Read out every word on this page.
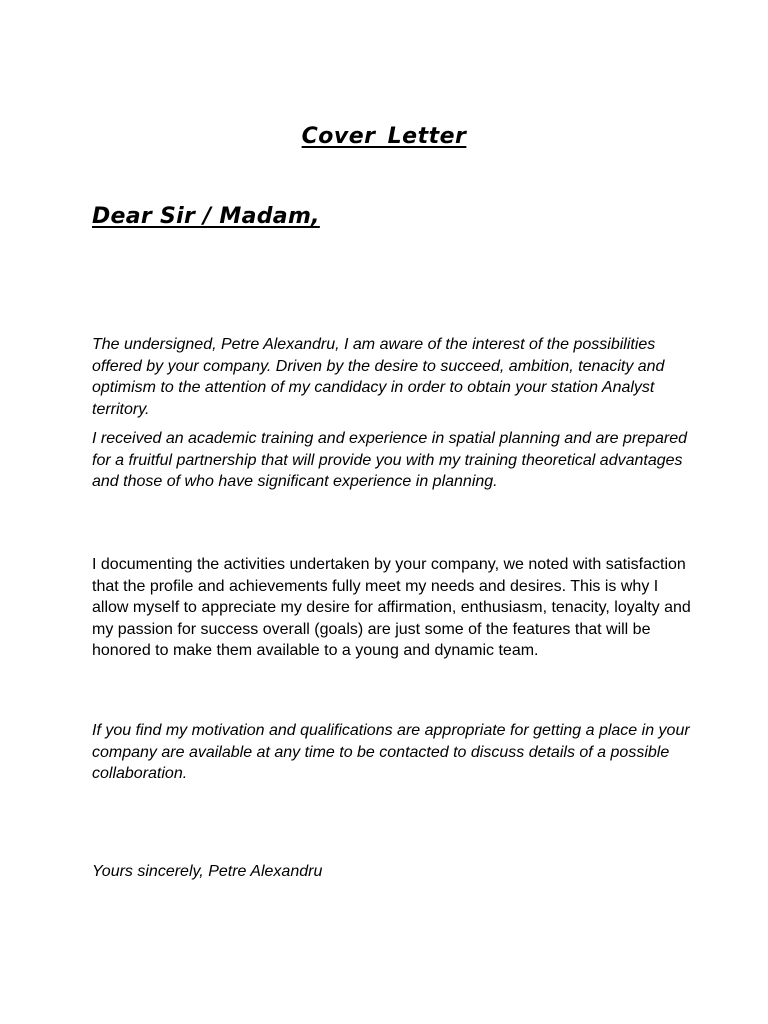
Cover Letter
Dear Sir / Madam,

The undersigned, Petre Alexandru, I am aware of the interest of the possibilities offered by your company. Driven by the desire to succeed, ambition, tenacity and optimism to the attention of my candidacy in order to obtain your station Analyst territory.

I received an academic training and experience in spatial planning and are prepared for a fruitful partnership that will provide you with my training theoretical advantages and those of who have significant experience in planning.

I documenting the activities undertaken by your company, we noted with satisfaction that the profile and achievements fully meet my needs and desires. This is why I allow myself to appreciate my desire for affirmation, enthusiasm, tenacity, loyalty and my passion for success overall (goals) are just some of the features that will be honored to make them available to a young and dynamic team.

If you find my motivation and qualifications are appropriate for getting a place in your company are available at any time to be contacted to discuss details of a possible collaboration.

Yours sincerely, Petre Alexandru
